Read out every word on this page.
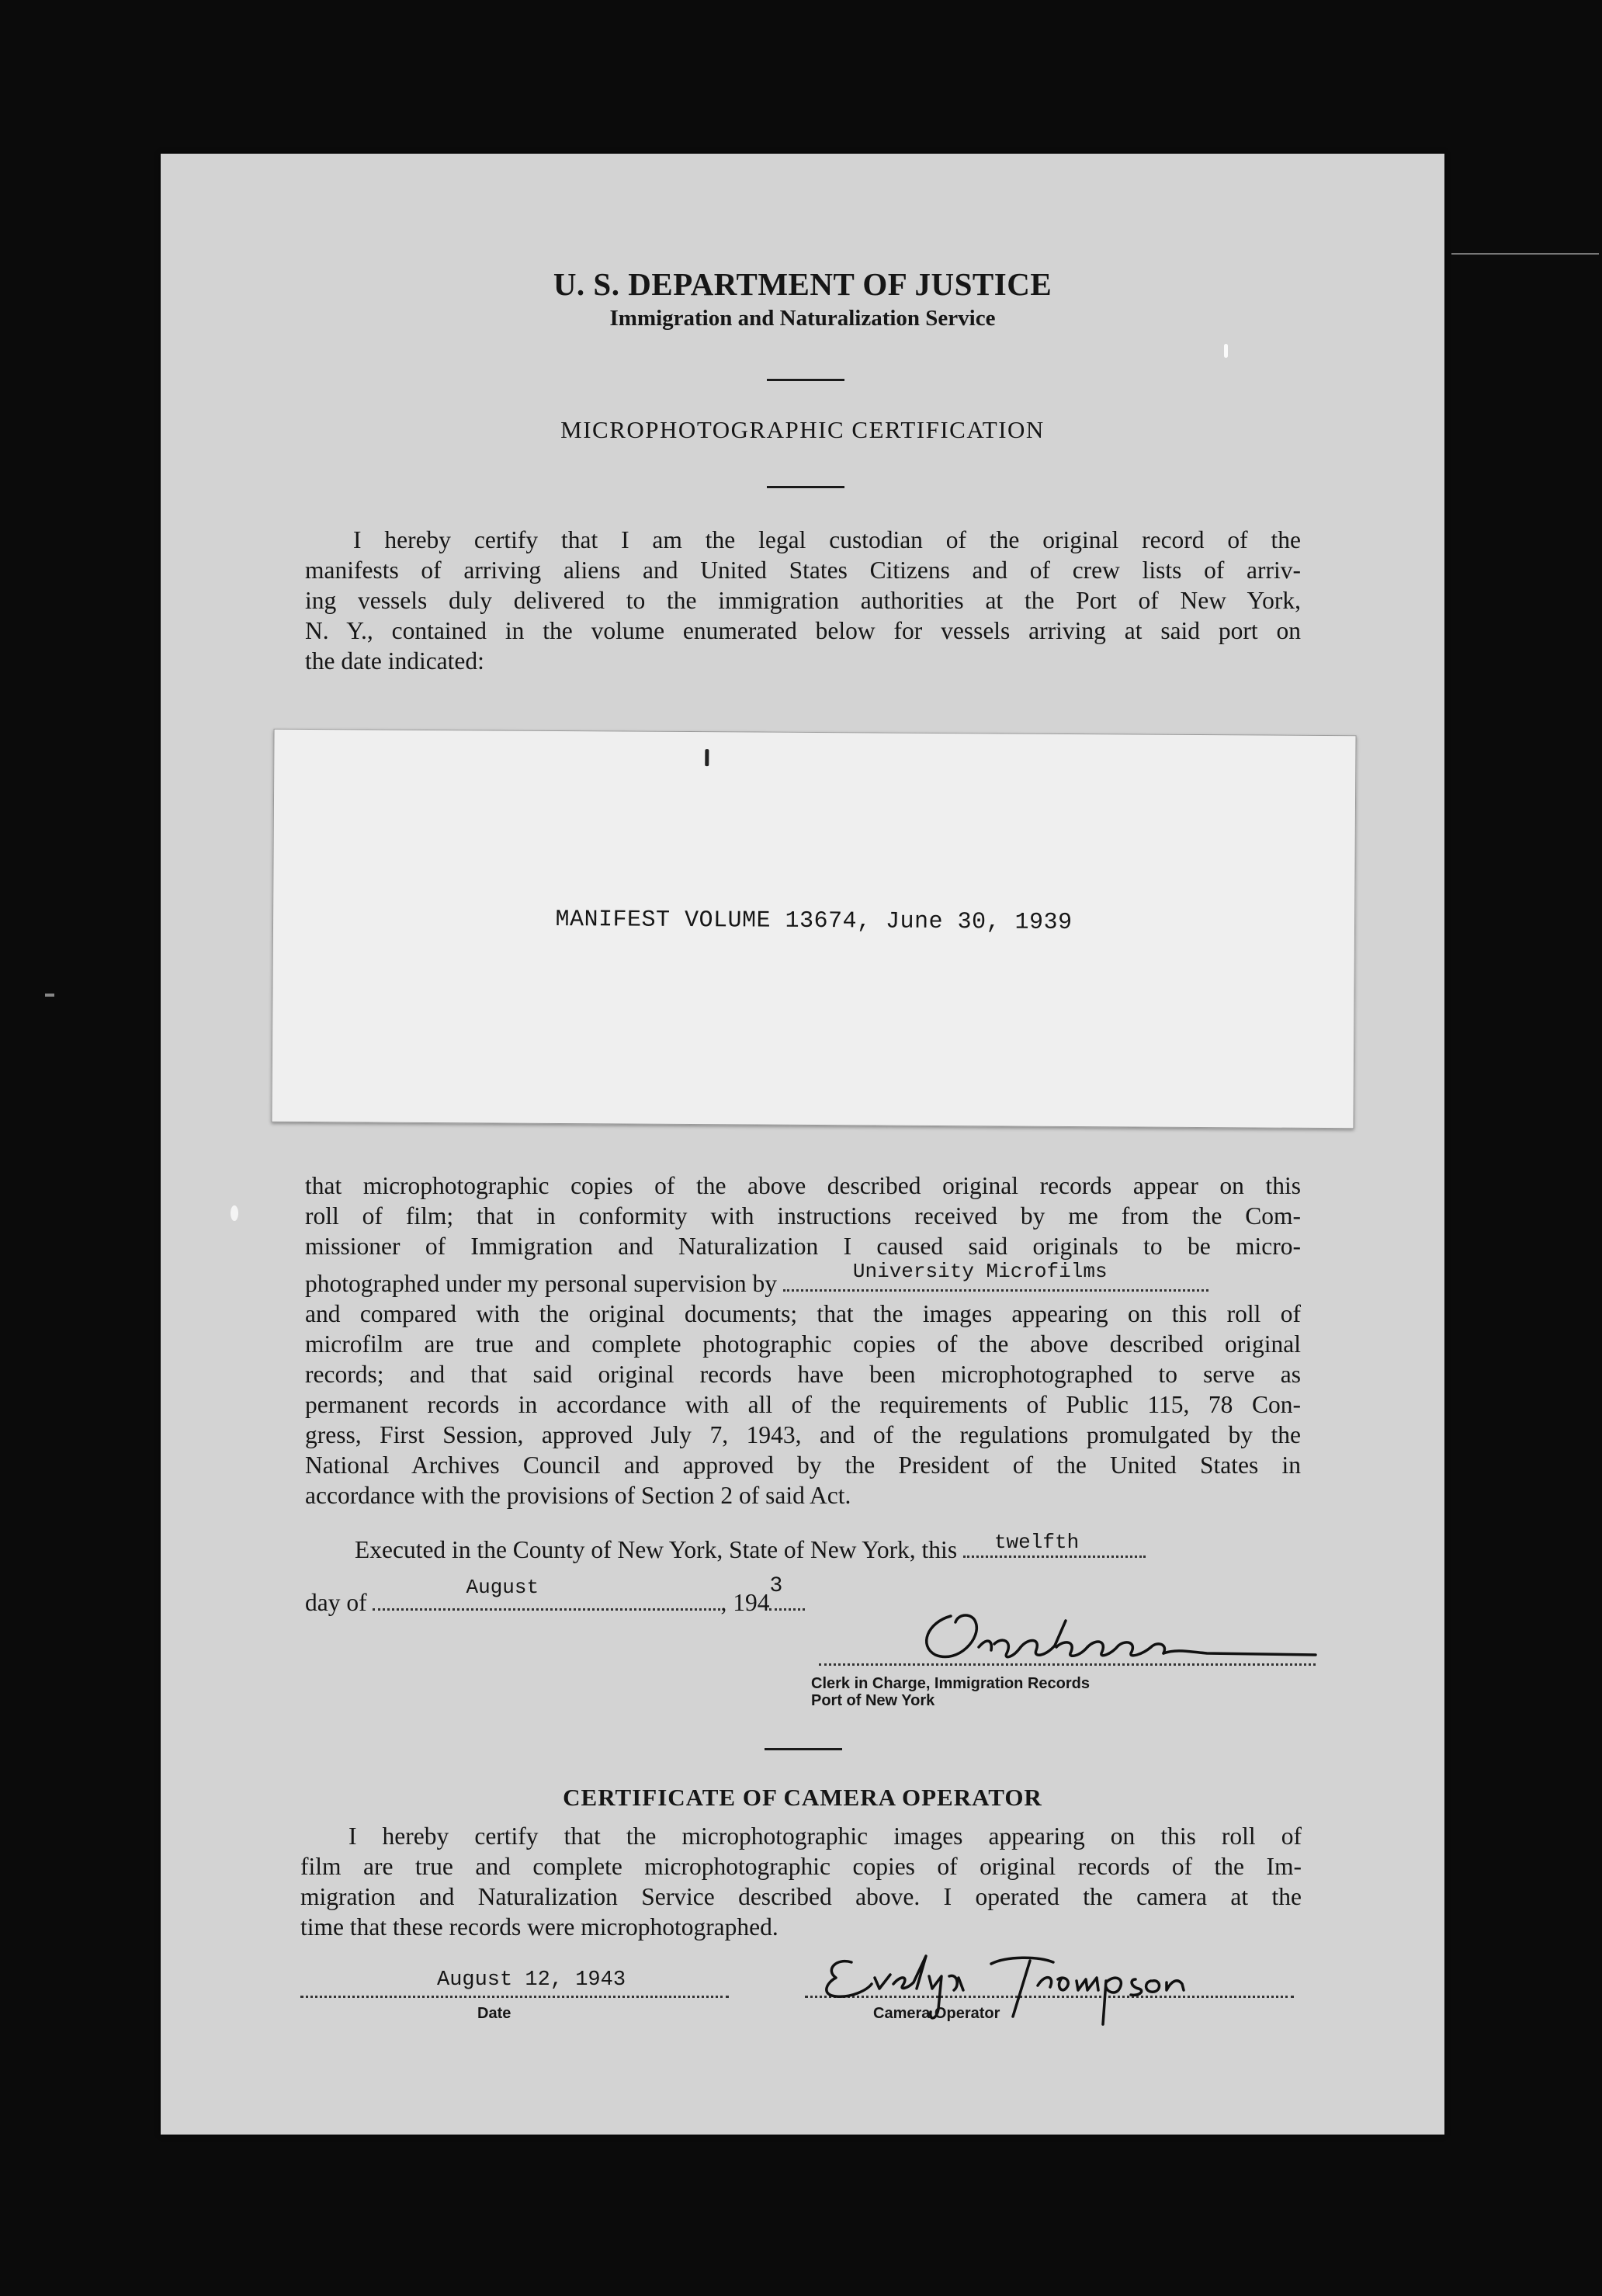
U. S. DEPARTMENT OF JUSTICE
Immigration and Naturalization Service
MICROPHOTOGRAPHIC CERTIFICATION
I hereby certify that I am the legal custodian of the original record of the
manifests of arriving aliens and United States Citizens and of crew lists of arriv-
ing vessels duly delivered to the immigration authorities at the Port of New York,
N. Y., contained in the volume enumerated below for vessels arriving at said port on
the date indicated:
MANIFEST VOLUME 13674, June 30, 1939
that microphotographic copies of the above described original records appear on this
roll of film; that in conformity with instructions received by me from the Com-
missioner of Immigration and Naturalization I caused said originals to be micro-
photographed under my personal supervision by	University Microfilms
and compared with the original documents; that the images appearing on this roll of
microfilm are true and complete photographic copies of the above described original
records; and that said original records have been microphotographed to serve as
permanent records in accordance with all of the requirements of Public 115, 78 Con-
gress, First Session, approved July 7, 1943, and of the regulations promulgated by the
National Archives Council and approved by the President of the United States in
accordance with the provisions of Section 2 of said Act.
Executed in the County of New York, State of New York, this twelfth
day of
August
, 194
3
Clerk in Charge, Immigration Records
Port of New York
CERTIFICATE OF CAMERA OPERATOR
I hereby certify that the microphotographic images appearing on this roll of
film are true and complete microphotographic copies of original records of the Im-
migration and Naturalization Service described above. I operated the camera at the
time that these records were microphotographed.
August 12, 1943
Date	Camera Operator
